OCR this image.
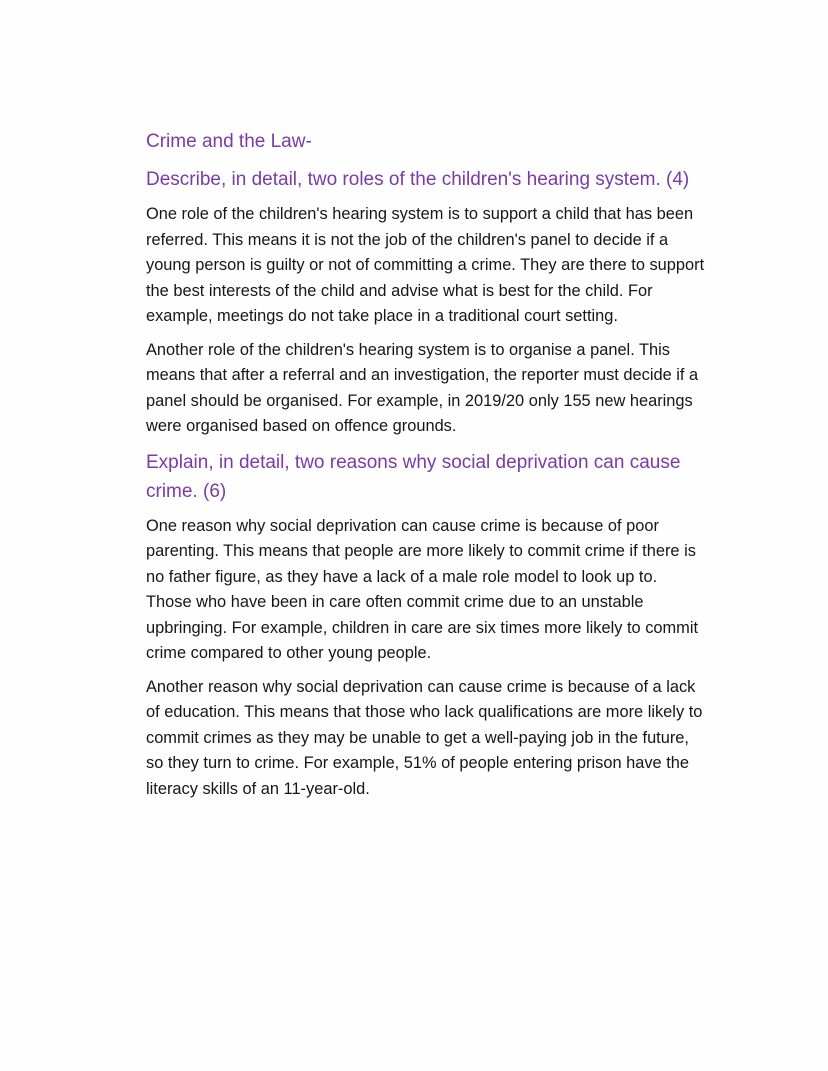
Crime and the Law-
Describe, in detail, two roles of the children's hearing system. (4)

One role of the children's hearing system is to support a child that has been referred. This means it is not the job of the children's panel to decide if a young person is guilty or not of committing a crime. They are there to support the best interests of the child and advise what is best for the child. For example, meetings do not take place in a traditional court setting.

Another role of the children's hearing system is to organise a panel. This means that after a referral and an investigation, the reporter must decide if a panel should be organised. For example, in 2019/20 only 155 new hearings were organised based on offence grounds.

Explain, in detail, two reasons why social deprivation can cause crime. (6)

One reason why social deprivation can cause crime is because of poor parenting. This means that people are more likely to commit crime if there is no father figure, as they have a lack of a male role model to look up to. Those who have been in care often commit crime due to an unstable upbringing. For example, children in care are six times more likely to commit crime compared to other young people.

Another reason why social deprivation can cause crime is because of a lack of education. This means that those who lack qualifications are more likely to commit crimes as they may be unable to get a well-paying job in the future, so they turn to crime. For example, 51% of people entering prison have the literacy skills of an 11-year-old.
